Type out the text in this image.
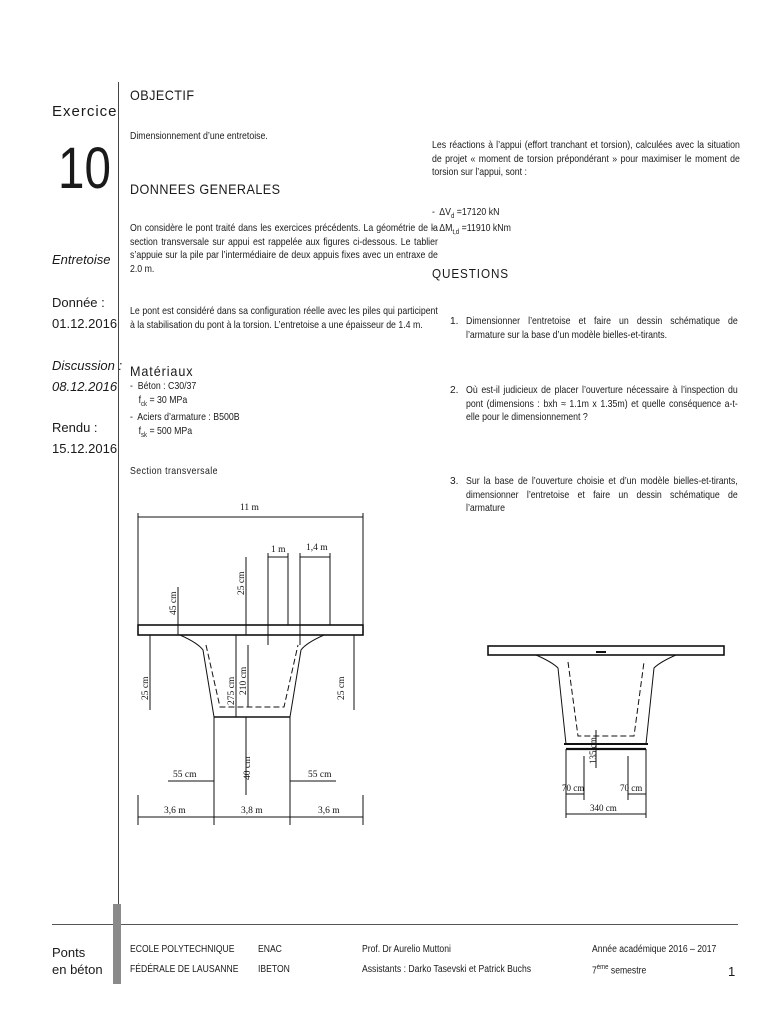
Exercice
10
Entretoise
Donnée :
01.12.2016
Discussion :
08.12.2016
Rendu :
15.12.2016
OBJECTIF
Dimensionnement d’une entretoise.
DONNEES GENERALES
On considère le pont traité dans les exercices précédents. La géométrie de la section transversale sur appui est rappelée aux figures ci-dessous. Le tablier s’appuie sur la pile par l’intermédiaire de deux appuis fixes avec un entraxe de 2.0 m.
Le pont est considéré dans sa configuration réelle avec les piles qui participent à la stabilisation du pont à la torsion. L’entretoise a une épaisseur de 1.4 m.
Matériaux
-  Béton : C30/37
$f_{ck} = 30$ MPa
-  Aciers d’armature : B500B
$f_{sk} = 500$ MPa
Section transversale
11 m
1 m 1,4 m
45 cm
25 cm
25 cm	25 cm
275 cm 210 cm
40 cm
55 cm	55 cm
3,6 m	3,8 m	3,6 m
Les réactions à l’appui (effort tranchant et torsion), calculées avec la situation de projet « moment de torsion prépondérant » pour maximiser le moment de torsion sur l’appui, sont :
-  $\Delta V_d =17120$ kN
-  $\Delta M_{t,d} =11910$ kNm
QUESTIONS
1. Dimensionner l’entretoise et faire un dessin schématique de l’armature sur la base d’un modèle bielles-et-tirants.
2. Où est-il judicieux de placer l’ouverture nécessaire à l’inspection du pont (dimensions : bxh ≈ 1.1m x 1.35m) et quelle conséquence a-t-elle pour le dimensionnement ?
3. Sur la base de l’ouverture choisie et d’un modèle bielles-et-tirants, dimensionner l’entretoise et faire un dessin schématique de l’armature
135 cm
70 cm	70 cm
340 cm
Ponts
en béton
ECOLE POLYTECHNIQUE
FÉDÉRALE DE LAUSANNE
ENAC
IBETON
Prof. Dr Aurelio Muttoni
Assistants : Darko Tasevski et Patrick Buchs
Année académique 2016 – 2017
7ème semestre	1
